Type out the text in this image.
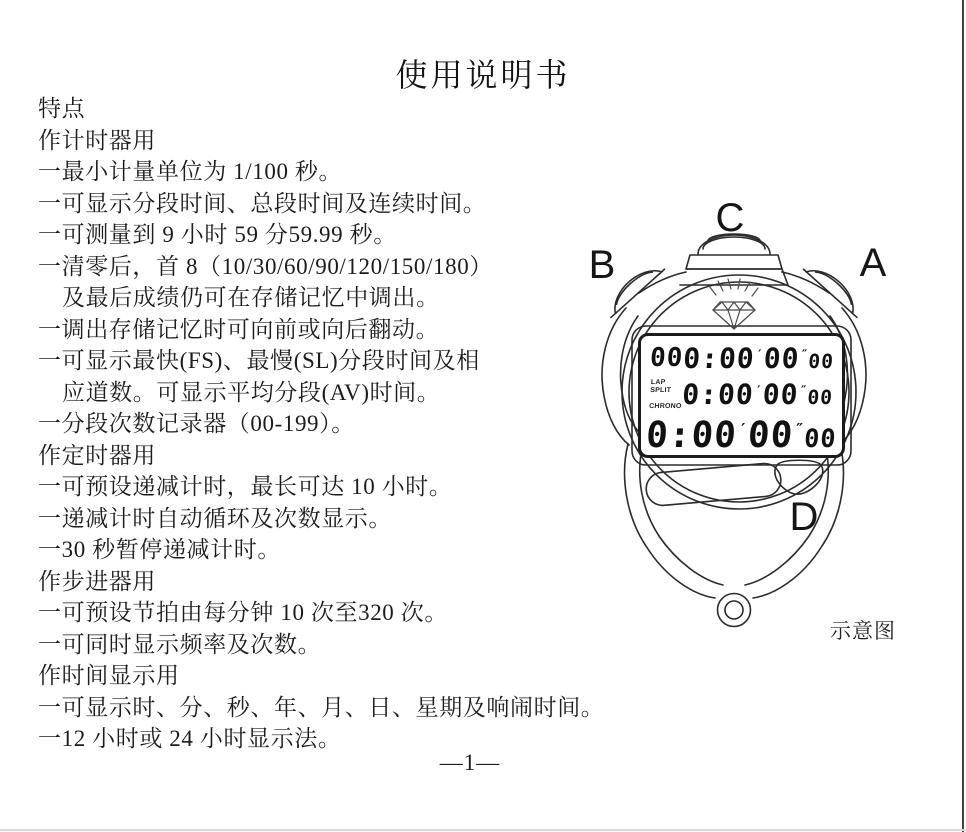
使用说明书
特点
作计时器用
一最小计量单位为 1/100 秒。
一可显示分段时间、总段时间及连续时间。
一可测量到 9 小时 59 分59.99 秒。
一清零后，首 8（10/30/60/90/120/150/180）
及最后成绩仍可在存储记忆中调出。
一调出存储记忆时可向前或向后翻动。
一可显示最快(FS)、最慢(SL)分段时间及相
应道数。可显示平均分段(AV)时间。
一分段次数记录器（00-199）。
作定时器用
一可预设递减计时，最长可达 10 小时。
一递减计时自动循环及次数显示。
一30 秒暂停递减计时。
作步进器用
一可预设节拍由每分钟 10 次至320 次。
一可同时显示频率及次数。
作时间显示用
一可显示时、分、秒、年、月、日、星期及响闹时间。
一12 小时或 24 小时显示法。
C
B	A
D
00
0:00′00″00
LAP
SPLIT
CHRONO 0:00′00″00
0:00′00″00
示意图
—1—
